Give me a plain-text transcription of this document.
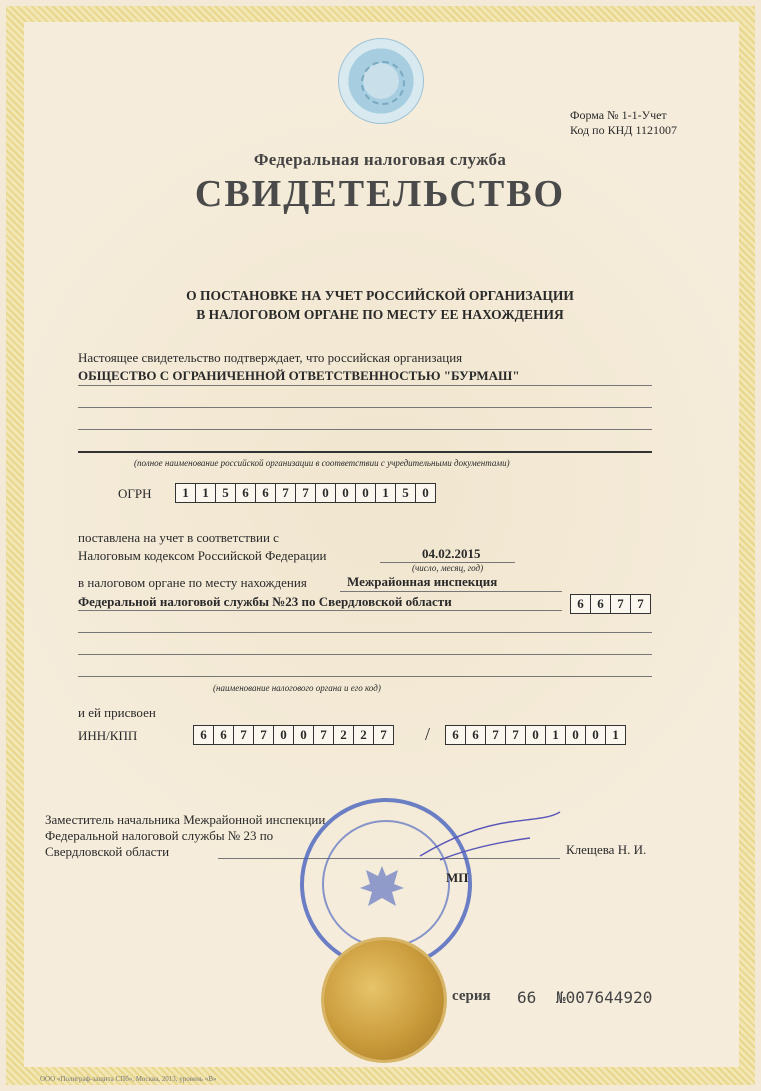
Форма № 1-1-Учет
Код по КНД 1121007
Федеральная налоговая служба
СВИДЕТЕЛЬСТВО
О ПОСТАНОВКЕ НА УЧЕТ РОССИЙСКОЙ ОРГАНИЗАЦИИ
В НАЛОГОВОМ ОРГАНЕ ПО МЕСТУ ЕЕ НАХОЖДЕНИЯ
Настоящее свидетельство подтверждает, что российская организация
ОБЩЕСТВО С ОГРАНИЧЕННОЙ ОТВЕТСТВЕННОСТЬЮ "БУРМАШ"
(полное наименование российской организации в соответствии с учредительными документами)
ОГРН	1	1	5	6	6	7	7	0	0	0	1	5	0
поставлена на учет в соответствии с
Налоговым кодексом Российской Федерации	04.02.2015
(число, месяц, год)
в налоговом органе по месту нахождения	Межрайонная инспекция
Федеральной налоговой службы №23 по Свердловской области	6	6	7	7
(наименование налогового органа и его код)
и ей присвоен
ИНН/КПП	6	6	7	7	0	0	7	2	2	7	/	6	6	7	7	0	1	0	0	1
Заместитель начальника Межрайонной инспекции
Федеральной налоговой службы № 23 по
Свердловской области	Клещева Н. И.
МП
серия 66 №007644920
ООО «Полиграф-защита СПб», Москва, 2013, уровень «В»
